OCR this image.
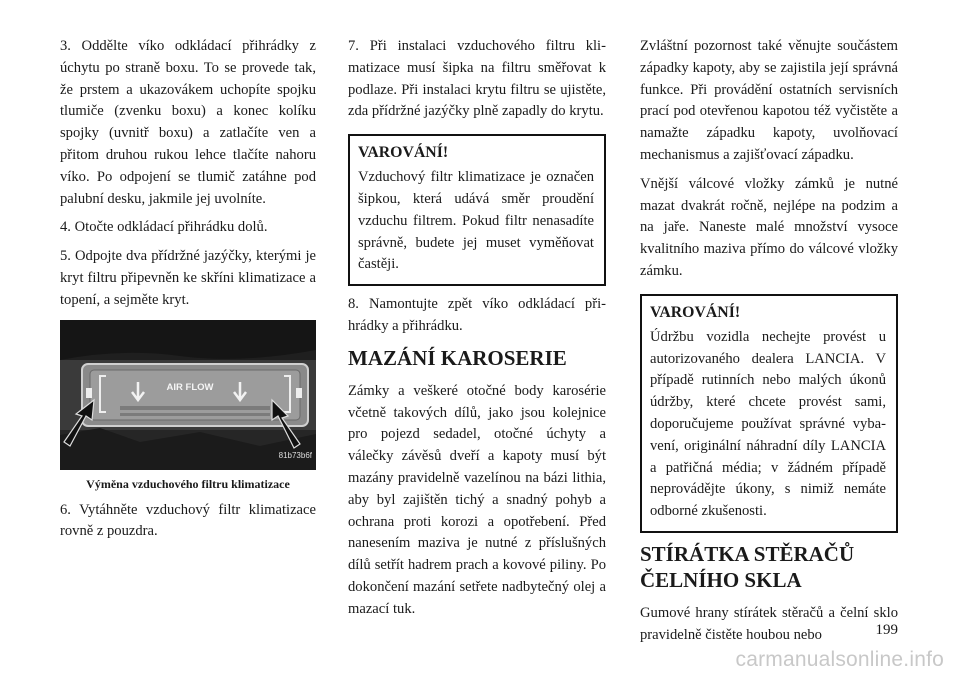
3. Oddělte víko odkládací přihrádky z úchytu po straně boxu. To se provede tak, že prstem a ukazovákem uchopíte spojku tlumiče (zvenku boxu) a konec kolíku spojky (uvnitř boxu) a zatlačíte ven a přitom druhou rukou lehce tlačíte nahoru víko. Po odpojení se tlumič zatáhne pod palubní desku, jakmile jej uvolníte.

4. Otočte odkládací přihrádku dolů.

5. Odpojte dva přídržné jazýčky, kterými je kryt filtru připevněn ke skříni klimatizace a topení, a sejměte kryt.

AIR FLOW
81b73b6f
Výměna vzduchového filtru klimatizace

6. Vytáhněte vzduchový filtr klimatizace rovně z pouzdra.

7. Při instalaci vzduchového filtru klimatizace musí šipka na filtru směřovat k podlaze. Při instalaci krytu filtru se ujistěte, zda přídržné jazýčky plně zapadly do krytu.

VAROVÁNÍ!

Vzduchový filtr klimatizace je označen šipkou, která udává směr proudění vzduchu filtrem. Pokud filtr nenasadíte správně, budete jej muset vyměňovat častěji.

8. Namontujte zpět víko odkládací přihrádky a přihrádku.

MAZÁNÍ KAROSERIE

Zámky a veškeré otočné body karosérie včetně takových dílů, jako jsou kolejnice pro pojezd sedadel, otočné úchyty a válečky závěsů dveří a kapoty musí být mazány pravidelně vazelínou na bázi lithia, aby byl zajištěn tichý a snadný pohyb a ochrana proti korozi a opotřebení. Před nanesením maziva je nutné z příslušných dílů setřít hadrem prach a kovové piliny. Po dokončení mazání setřete nadbytečný olej a mazací tuk.

Zvláštní pozornost také věnujte součástem západky kapoty, aby se zajistila její správná funkce. Při provádění ostatních servisních prací pod otevřenou kapotou též vyčistěte a namažte západku kapoty, uvolňovací mechanismus a zajišťovací západku.

Vnější válcové vložky zámků je nutné mazat dvakrát ročně, nejlépe na podzim a na jaře. Naneste malé množství vysoce kvalitního maziva přímo do válcové vložky zámku.

VAROVÁNÍ!

Údržbu vozidla nechejte provést u autorizovaného dealera LANCIA. V případě rutinních nebo malých úkonů údržby, které chcete provést sami, doporučujeme používat správné vybavení, originální náhradní díly LANCIA a patřičná média; v žádném případě neprovádějte úkony, s nimiž nemáte odborné zkušenosti.

STÍRÁTKA STĚRAČŮ ČELNÍHO SKLA

Gumové hrany stírátek stěračů a čelní sklo pravidelně čistěte houbou nebo	199
carmanualsonline.info
